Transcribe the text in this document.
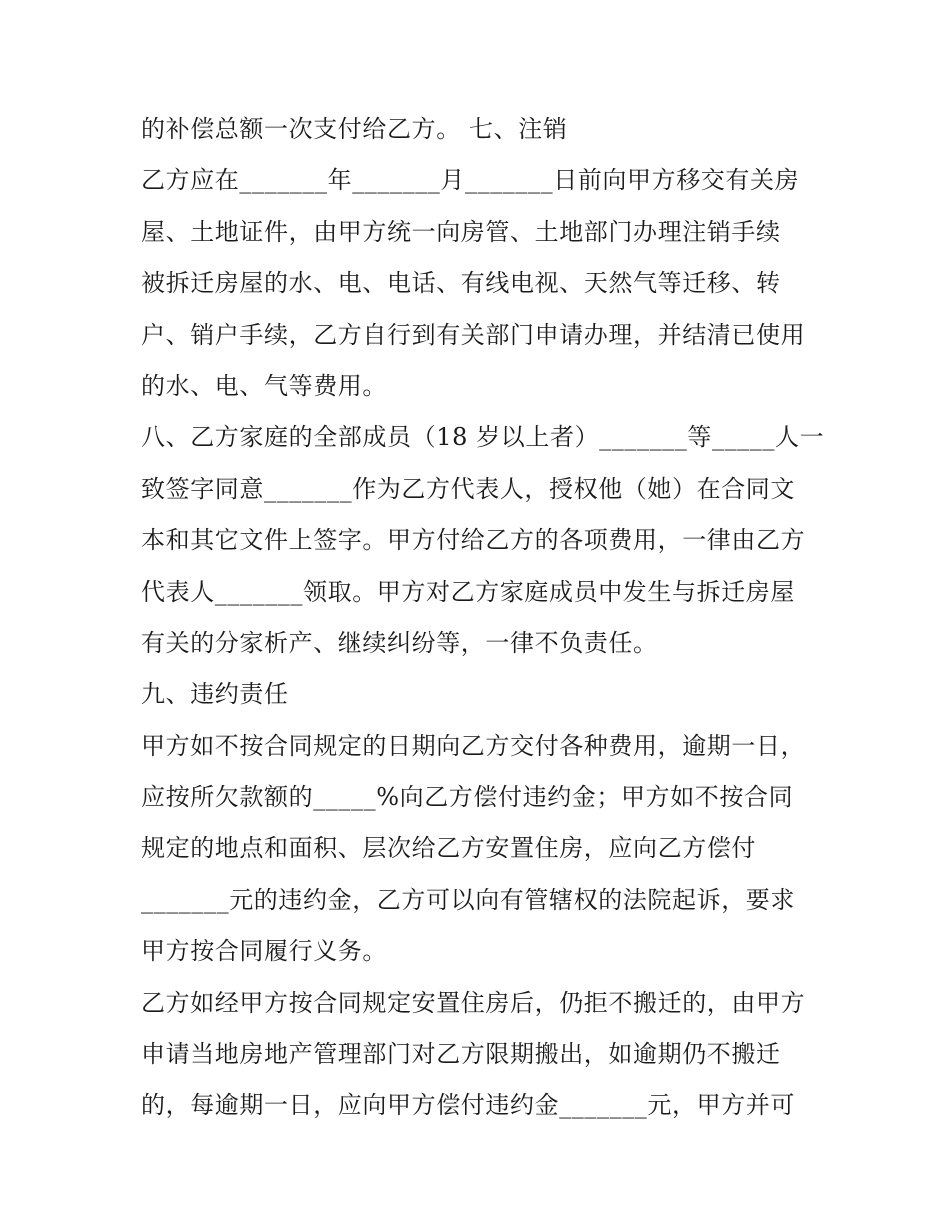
的补偿总额一次支付给乙方。 七、注销
乙方应在_______年_______月_______日前向甲方移交有关房
屋、土地证件，由甲方统一向房管、土地部门办理注销手续
被拆迁房屋的水、电、电话、有线电视、天然气等迁移、转
户、销户手续，乙方自行到有关部门申请办理，并结清已使用
的水、电、气等费用。
八、乙方家庭的全部成员（18 岁以上者）_______等_____人一
致签字同意_______作为乙方代表人，授权他（她）在合同文
本和其它文件上签字。甲方付给乙方的各项费用，一律由乙方
代表人_______领取。甲方对乙方家庭成员中发生与拆迁房屋
有关的分家析产、继续纠纷等，一律不负责任。
九、违约责任
甲方如不按合同规定的日期向乙方交付各种费用，逾期一日，
应按所欠款额的_____%向乙方偿付违约金；甲方如不按合同
规定的地点和面积、层次给乙方安置住房，应向乙方偿付
_______元的违约金，乙方可以向有管辖权的法院起诉，要求
甲方按合同履行义务。
乙方如经甲方按合同规定安置住房后，仍拒不搬迁的，由甲方
申请当地房地产管理部门对乙方限期搬出，如逾期仍不搬迁
的，每逾期一日，应向甲方偿付违约金_______元，甲方并可
